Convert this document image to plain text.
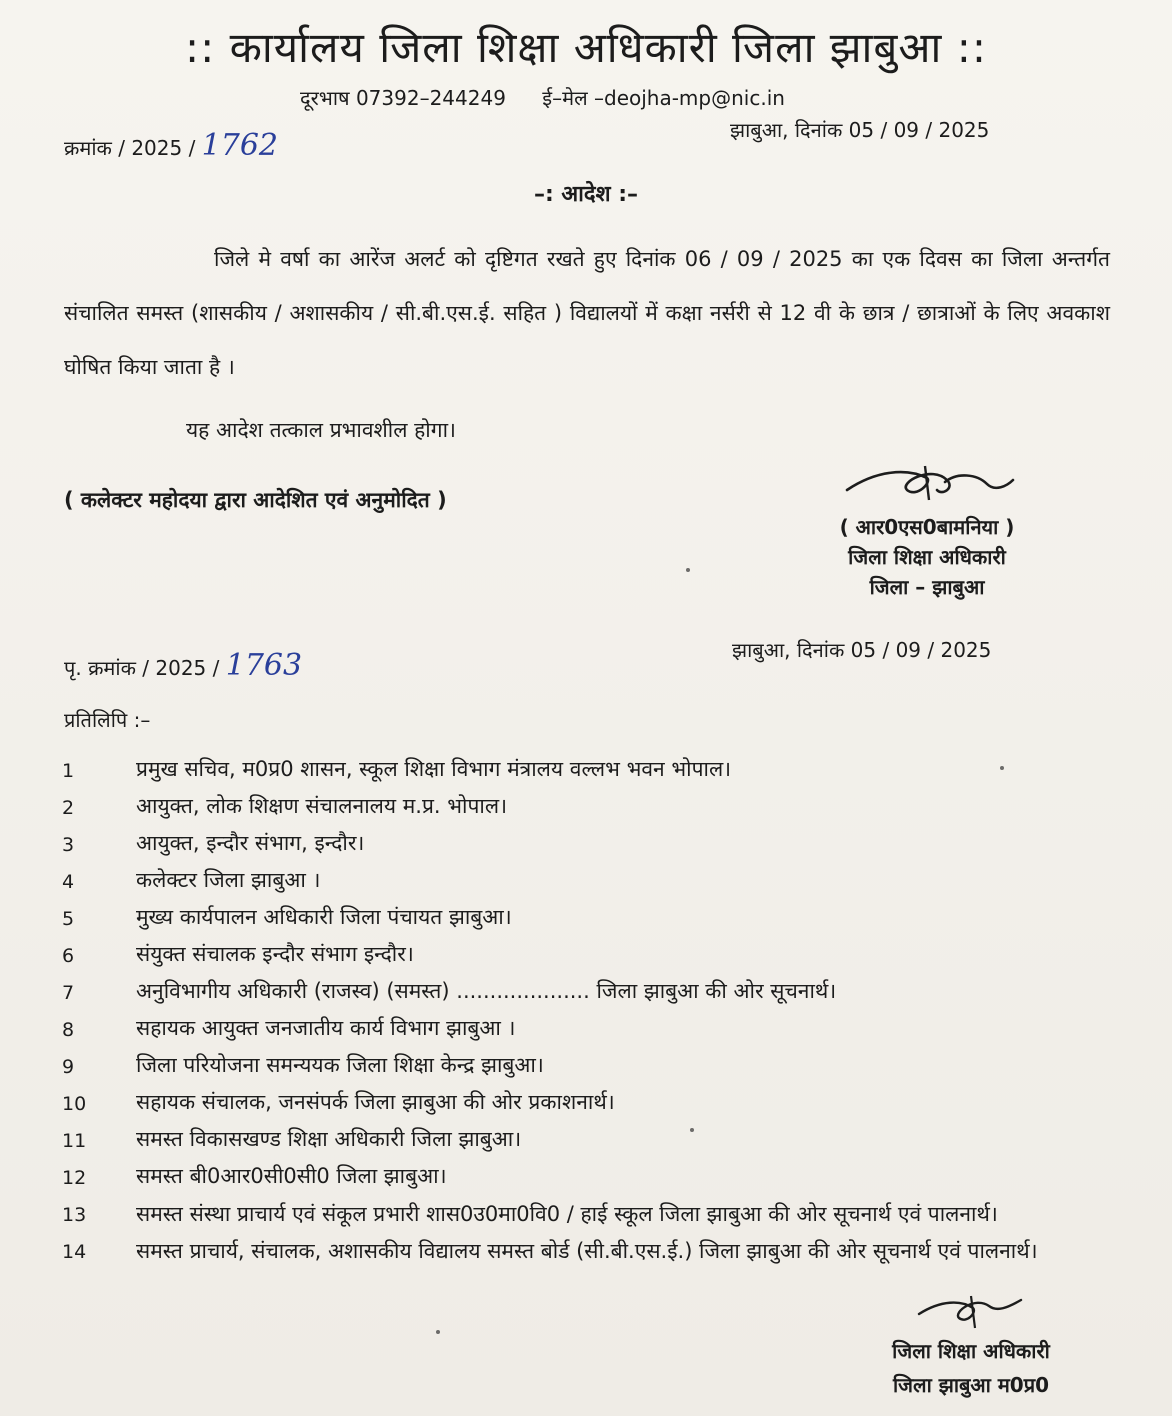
:: कार्यालय जिला शिक्षा अधिकारी जिला झाबुआ ::
दूरभाष 07392–244249 ई–मेल –deojha-mp@nic.in
क्रमांक / 2025 / 1762	झाबुआ, दिनांक 05 / 09 / 2025
–: आदेश :–
जिले मे वर्षा का आरेंज अलर्ट को दृष्टिगत रखते हुए दिनांक 06 / 09 / 2025 का एक दिवस का जिला अन्तर्गत संचालित समस्त (शासकीय / अशासकीय / सी.बी.एस.ई. सहित ) विद्यालयों में कक्षा नर्सरी से 12 वी के छात्र / छात्राओं के लिए अवकाश घोषित किया जाता है ।
यह आदेश तत्काल प्रभावशील होगा।
( कलेक्टर महोदया द्वारा आदेशित एवं अनुमोदित )
( आर0एस0बामनिया )
जिला शिक्षा अधिकारी
जिला – झाबुआ
पृ. क्रमांक / 2025 / 1763	झाबुआ, दिनांक 05 / 09 / 2025
प्रतिलिपि :–
1	प्रमुख सचिव, म0प्र0 शासन, स्कूल शिक्षा विभाग मंत्रालय वल्लभ भवन भोपाल।
2	आयुक्त, लोक शिक्षण संचालनालय म.प्र. भोपाल।
3	आयुक्त, इन्दौर संभाग, इन्दौर।
4	कलेक्टर जिला झाबुआ ।
5	मुख्य कार्यपालन अधिकारी जिला पंचायत झाबुआ।
6	संयुक्त संचालक इन्दौर संभाग इन्दौर।
7	अनुविभागीय अधिकारी (राजस्व) (समस्त) .................... जिला झाबुआ की ओर सूचनार्थ।
8	सहायक आयुक्त जनजातीय कार्य विभाग झाबुआ ।
9	जिला परियोजना समन्ययक जिला शिक्षा केन्द्र झाबुआ।
10	सहायक संचालक, जनसंपर्क जिला झाबुआ की ओर प्रकाशनार्थ।
11	समस्त विकासखण्ड शिक्षा अधिकारी जिला झाबुआ।
12	समस्त बी0आर0सी0सी0 जिला झाबुआ।
13	समस्त संस्था प्राचार्य एवं संकूल प्रभारी शास0उ0मा0वि0 / हाई स्कूल जिला झाबुआ की ओर सूचनार्थ एवं पालनार्थ।
14	समस्त प्राचार्य, संचालक, अशासकीय विद्यालय समस्त बोर्ड (सी.बी.एस.ई.) जिला झाबुआ की ओर सूचनार्थ एवं पालनार्थ।
जिला शिक्षा अधिकारी
जिला झाबुआ म0प्र0
